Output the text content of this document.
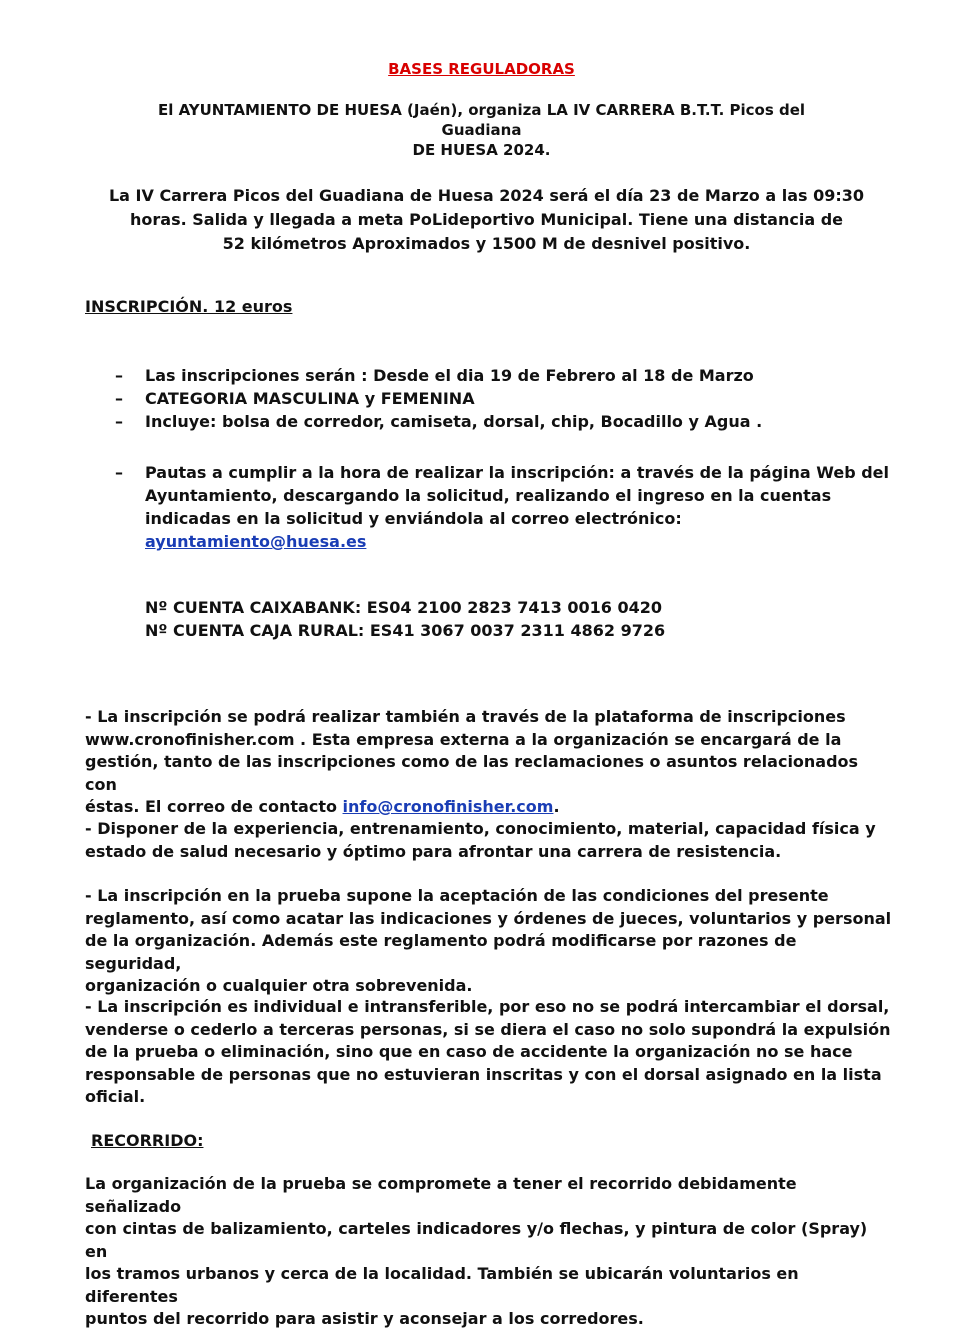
BASES REGULADORAS
El AYUNTAMIENTO DE HUESA (Jaén), organiza LA IV CARRERA B.T.T. Picos del Guadiana
DE HUESA 2024.
La IV Carrera Picos del Guadiana de Huesa 2024 será el día 23 de Marzo a las 09:30
horas. Salida y llegada a meta PoLideportivo Municipal. Tiene una distancia de
52 kilómetros Aproximados y 1500 M de desnivel positivo.
INSCRIPCIÓN. 12 euros
–	Las inscripciones serán : Desde el dia 19 de Febrero al 18 de Marzo
–	CATEGORIA MASCULINA y FEMENINA
–	Incluye: bolsa de corredor, camiseta, dorsal, chip, Bocadillo y Agua .
–	Pautas a cumplir a la hora de realizar la inscripción: a través de la página Web del
Ayuntamiento, descargando la solicitud, realizando el ingreso en la cuentas
indicadas en la solicitud y enviándola al correo electrónico:
ayuntamiento@huesa.es
Nº CUENTA CAIXABANK: ES04 2100 2823 7413 0016 0420
Nº CUENTA CAJA RURAL: ES41 3067 0037 2311 4862 9726
- La inscripción se podrá realizar también a través de la plataforma de inscripciones
www.cronofinisher.com . Esta empresa externa a la organización se encargará de la
gestión, tanto de las inscripciones como de las reclamaciones o asuntos relacionados con
éstas. El correo de contacto info@cronofinisher.com.
- Disponer de la experiencia, entrenamiento, conocimiento, material, capacidad física y
estado de salud necesario y óptimo para afrontar una carrera de resistencia.
- La inscripción en la prueba supone la aceptación de las condiciones del presente
reglamento, así como acatar las indicaciones y órdenes de jueces, voluntarios y personal
de la organización. Además este reglamento podrá modificarse por razones de seguridad,
organización o cualquier otra sobrevenida.
- La inscripción es individual e intransferible, por eso no se podrá intercambiar el dorsal,
venderse o cederlo a terceras personas, si se diera el caso no solo supondrá la expulsión
de la prueba o eliminación, sino que en caso de accidente la organización no se hace
responsable de personas que no estuvieran inscritas y con el dorsal asignado en la lista
oficial.
RECORRIDO:
La organización de la prueba se compromete a tener el recorrido debidamente señalizado
con cintas de balizamiento, carteles indicadores y/o flechas, y pintura de color (Spray) en
los tramos urbanos y cerca de la localidad. También se ubicarán voluntarios en diferentes
puntos del recorrido para asistir y aconsejar a los corredores.
